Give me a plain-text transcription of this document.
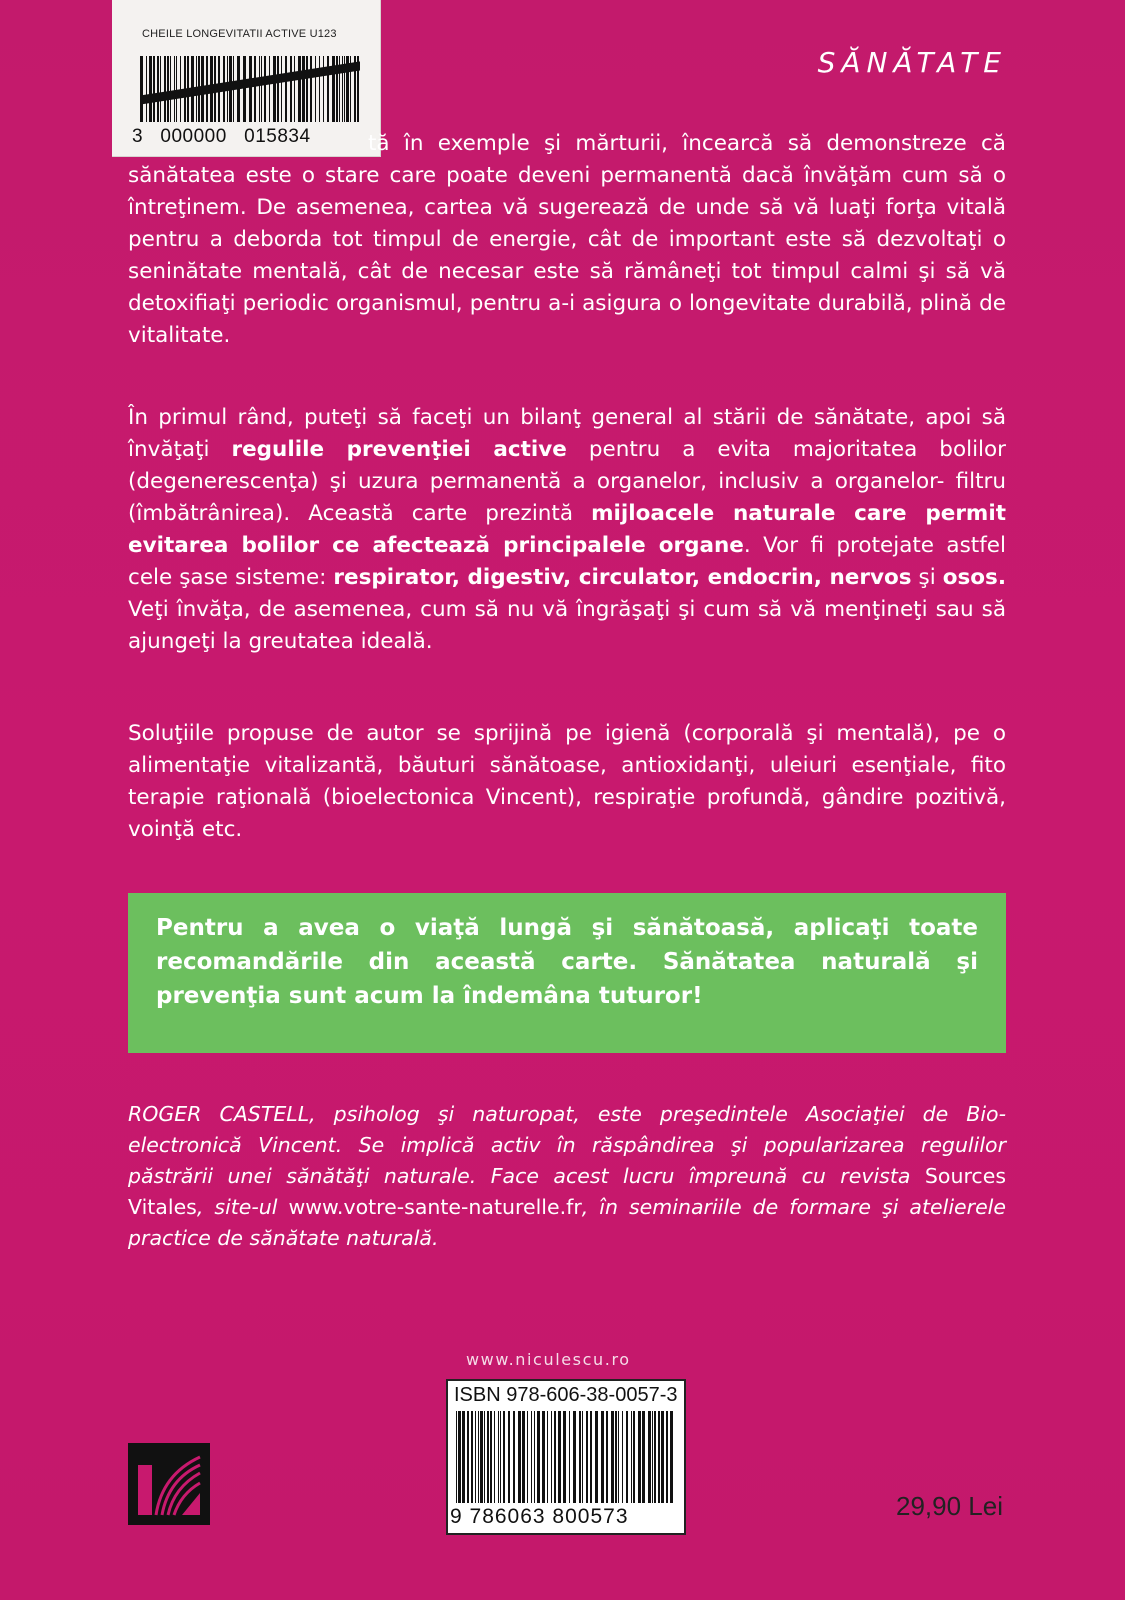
CHEILE LONGEVITATII ACTIVE U123
3   000000   015834
SĂNĂTATE
tă în exemple şi mărturii, încearcă să demonstreze că sănătatea este o stare care poate deveni permanentă dacă învăţăm cum să o întreţinem. De asemenea, cartea vă sugerează de unde să vă luaţi forţa vitală pentru a deborda tot timpul de energie, cât de important este să dezvoltaţi o seninătate mentală, cât de necesar este să rămâneţi tot timpul calmi şi să vă detoxifiaţi periodic organismul, pentru a-i asigura o longevitate durabilă, plină de vitalitate.
În primul rând, puteţi să faceţi un bilanţ general al stării de sănătate, apoi să învăţaţi regulile prevenţiei active pentru a evita majoritatea bolilor (degenerescenţa) şi uzura permanentă a organelor, inclusiv a organelor- filtru (îmbătrânirea). Această carte prezintă mijloacele naturale care permit evitarea bolilor ce afectează principalele organe. Vor fi protejate astfel cele şase sisteme: respirator, digestiv, circulator, endocrin, nervos şi osos. Veţi învăţa, de asemenea, cum să nu vă îngrăşaţi şi cum să vă menţineţi sau să ajungeţi la greutatea ideală.
Soluţiile propuse de autor se sprijină pe igienă (corporală şi mentală), pe o alimentaţie vitalizantă, băuturi sănătoase, antioxidanţi, uleiuri esenţiale, fito terapie raţională (bioelectonica Vincent), respiraţie profundă, gândire pozitivă, voinţă etc.
Pentru a avea o viaţă lungă şi sănătoasă, aplicaţi toate recomandările din această carte. Sănătatea naturală şi prevenţia sunt acum la îndemâna tuturor!
ROGER CASTELL, psiholog şi naturopat, este preşedintele Asociaţiei de Bio-electronică Vincent. Se implică activ în răspândirea şi popularizarea regulilor păstrării unei sănătăţi naturale. Face acest lucru împreună cu revista Sources Vitales, site-ul www.votre-sante-naturelle.fr, în seminariile de formare şi atelierele practice de sănătate naturală.
www.niculescu.ro
ISBN 978-606-38-0057-3
9 786063 800573	29,90 Lei
